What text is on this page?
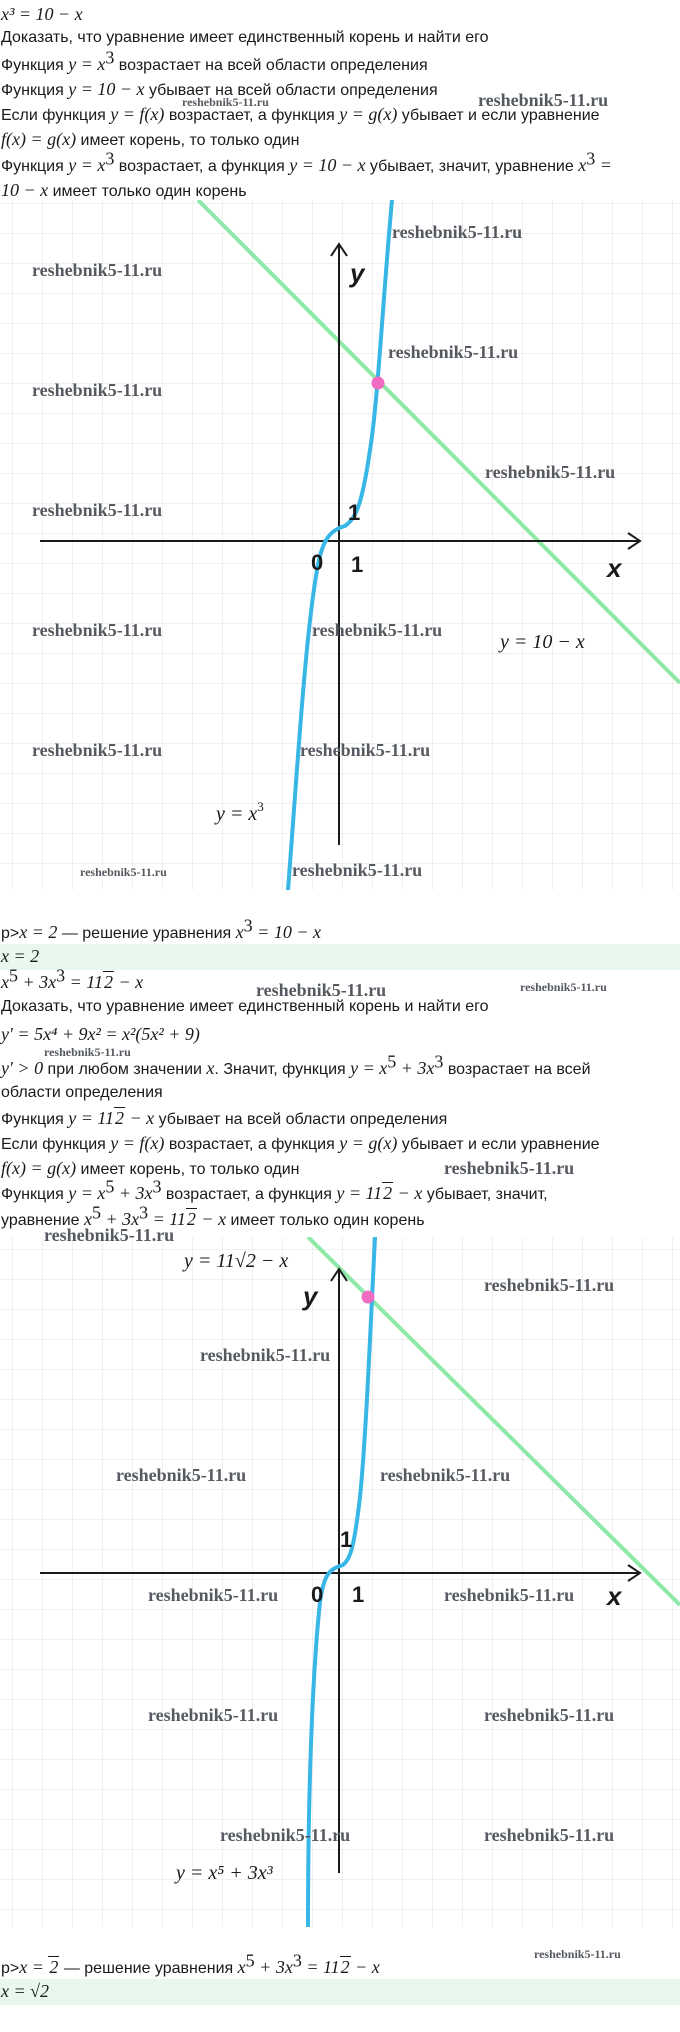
x³ = 10 − x
Доказать, что уравнение имеет единственный корень и найти его
Функция $y = x^3$ возрастает на всей области определения
Функция y = 10 − x убывает на всей области определения
Если функция y = f(x) возрастает, а функция y = g(x) убывает и если уравнение
f(x) = g(x) имеет корень, то только один
Функция $y = x^3$ возрастает, а функция y = 10 − x убывает, значит, уравнение $x^3$ =
10 − x имеет только один корень
1
0 1	x
y
y = 10 − x
$y = x^3$
p>x = 2 — решение уравнения $x^3 = 10 - x$
x = 2
$x^5 + 3x^3 = 112 - x$
Доказать, что уравнение имеет единственный корень и найти его
y′ = 5x⁴ + 9x² = x²(5x² + 9)
y′ > 0 при любом значении x. Значит, функция $y = x^5 + 3x^3$ возрастает на всей
области определения
Функция y = 112 − x убывает на всей области определения
Если функция y = f(x) возрастает, а функция y = g(x) убывает и если уравнение
f(x) = g(x) имеет корень, то только один
Функция $y = x^5 + 3x^3$ возрастает, а функция y = 112 − x убывает, значит,
уравнение $x^5 + 3x^3 = 112 - x$ имеет только один корень
1
0 1	x
y
y = 11√2 − x
y = x⁵ + 3x³
p>x = 2 — решение уравнения $x^5 + 3x^3 = 112 - x$
x = √2
reshebnik5-11.ru	reshebnik5-11.ru
reshebnik5-11.ru
reshebnik5-11.ru
reshebnik5-11.ru
reshebnik5-11.ru
reshebnik5-11.ru
reshebnik5-11.ru
reshebnik5-11.ru	reshebnik5-11.ru
reshebnik5-11.ru	reshebnik5-11.ru
reshebnik5-11.ru	reshebnik5-11.ru
reshebnik5-11.ru	reshebnik5-11.ru
reshebnik5-11.ru
reshebnik5-11.ru
reshebnik5-11.ru
reshebnik5-11.ru
reshebnik5-11.ru
reshebnik5-11.ru	reshebnik5-11.ru
reshebnik5-11.ru	reshebnik5-11.ru
reshebnik5-11.ru	reshebnik5-11.ru
reshebnik5-11.ru	reshebnik5-11.ru
reshebnik5-11.ru
